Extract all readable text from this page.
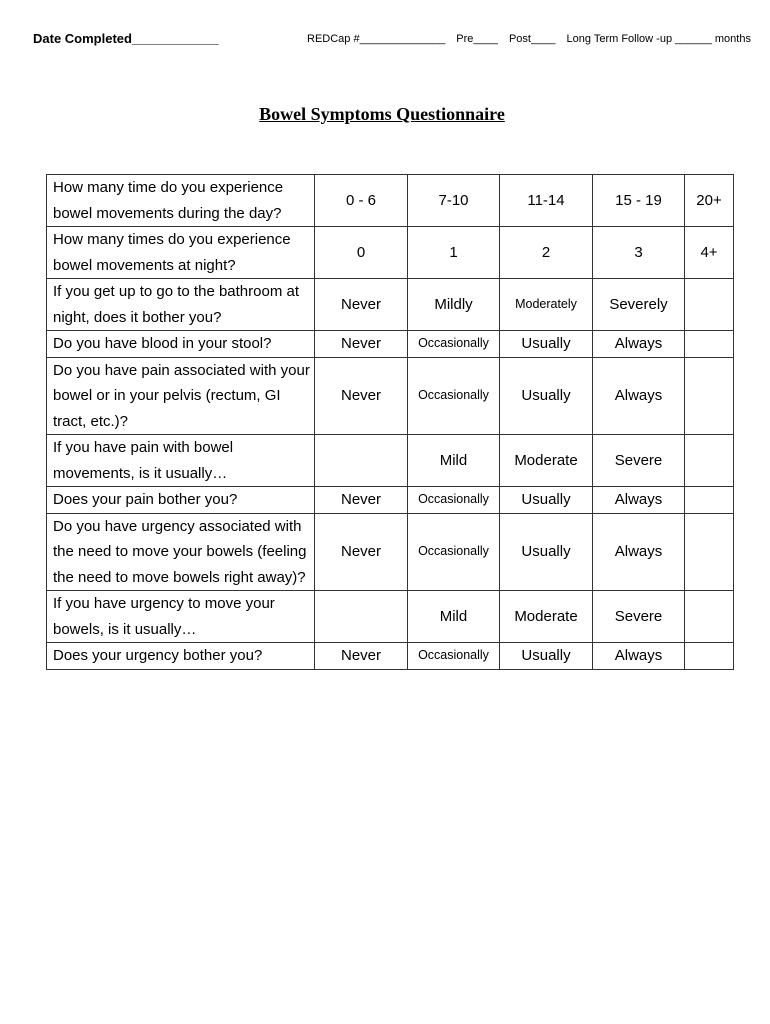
Date Completed____________	REDCap #______________ Pre____ Post____ Long Term Follow -up ______ months
Bowel Symptoms Questionnaire
How many time do you experience bowel movements during the day?	0 - 6	7-10	11-14	15 - 19	20+
How many times do you experience bowel movements at night?	0	1	2	3	4+
If you get up to go to the bathroom at night, does it bother you?	Never	Mildly	Moderately	Severely	
Do you have blood in your stool?	Never	Occasionally	Usually	Always	
Do you have pain associated with your bowel or in your pelvis (rectum, GI tract, etc.)?	Never	Occasionally	Usually	Always	
If you have pain with bowel movements, is it usually…		Mild	Moderate	Severe	
Does your pain bother you?	Never	Occasionally	Usually	Always	
Do you have urgency associated with the need to move your bowels (feeling the need to move bowels right away)?	Never	Occasionally	Usually	Always	
If you have urgency to move your bowels, is it usually…		Mild	Moderate	Severe	
Does your urgency bother you?	Never	Occasionally	Usually	Always	
